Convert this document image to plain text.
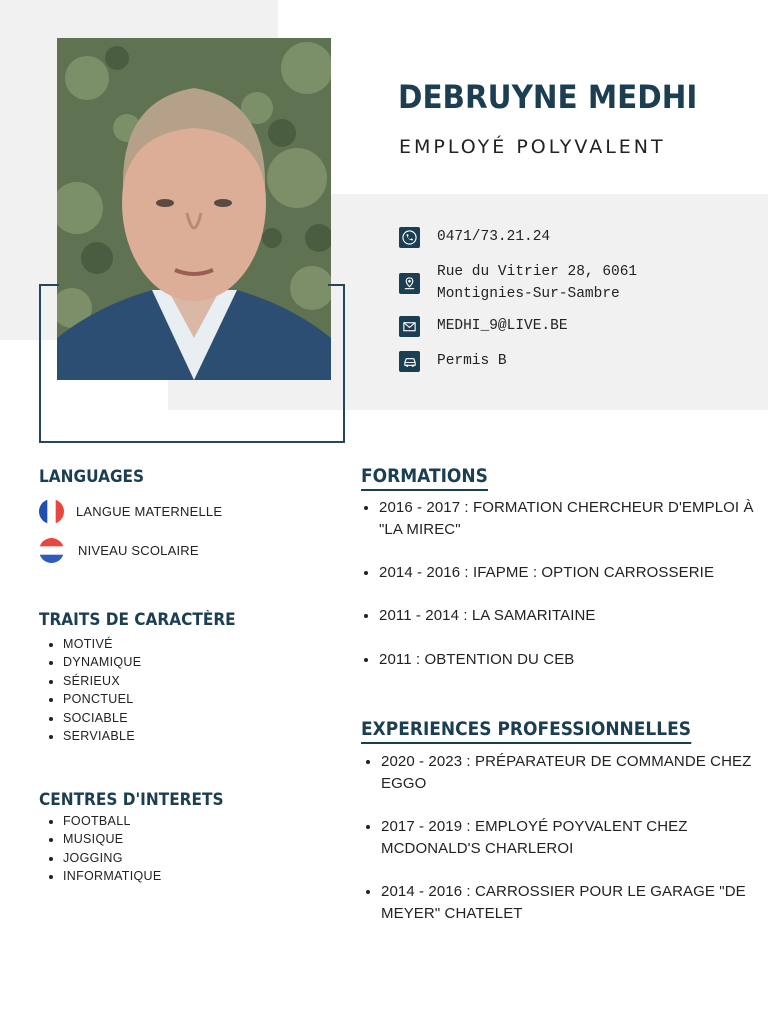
DEBRUYNE MEDHI
EMPLOYÉ POLYVALENT
0471/73.21.24
Rue du Vitrier 28, 6061
Montignies-Sur-Sambre
MEDHI_9@LIVE.BE
Permis B
LANGUAGES
LANGUE MATERNELLE
NIVEAU SCOLAIRE
TRAITS DE CARACTÈRE
• MOTIVÉ
• DYNAMIQUE
• SÉRIEUX
• PONCTUEL
• SOCIABLE
• SERVIABLE
CENTRES D'INTERETS
• FOOTBALL
• MUSIQUE
• JOGGING
• INFORMATIQUE
FORMATIONS
• 2016 - 2017 : FORMATION CHERCHEUR D'EMPLOI À "LA MIREC"
• 2014 - 2016 : IFAPME : OPTION CARROSSERIE
• 2011 - 2014 : LA SAMARITAINE
• 2011 : OBTENTION DU CEB
EXPERIENCES PROFESSIONNELLES
• 2020 - 2023 : PRÉPARATEUR DE COMMANDE CHEZ EGGO
• 2017 - 2019 : EMPLOYÉ POYVALENT CHEZ MCDONALD'S CHARLEROI
• 2014 - 2016 : CARROSSIER POUR LE GARAGE "DE MEYER" CHATELET
